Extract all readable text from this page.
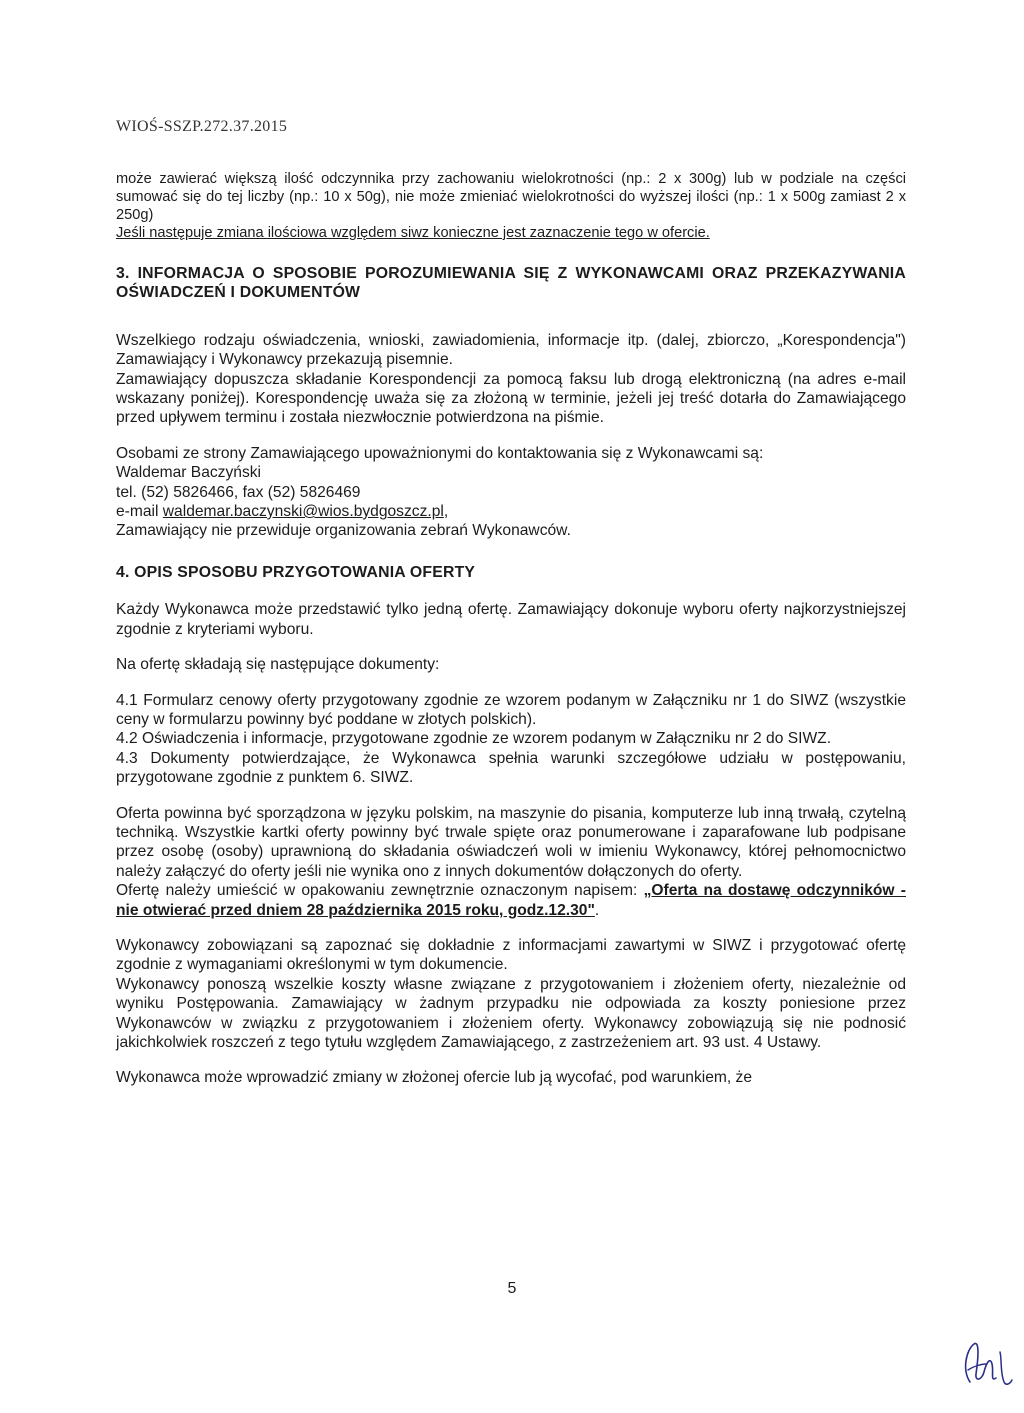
WIOŚ-SSZP.272.37.2015

może zawierać większą ilość odczynnika przy zachowaniu wielokrotności (np.: 2 x 300g) lub w podziale na części sumować się do tej liczby (np.: 10 x 50g), nie może zmieniać wielokrotności do wyższej ilości (np.: 1 x 500g zamiast 2 x 250g)

Jeśli następuje zmiana ilościowa względem siwz konieczne jest zaznaczenie tego w ofercie.

3. INFORMACJA O SPOSOBIE POROZUMIEWANIA SIĘ Z WYKONAWCAMI ORAZ PRZEKAZYWANIA OŚWIADCZEŃ I DOKUMENTÓW

Wszelkiego rodzaju oświadczenia, wnioski, zawiadomienia, informacje itp. (dalej, zbiorczo, „Korespondencja") Zamawiający i Wykonawcy przekazują pisemnie.

Zamawiający dopuszcza składanie Korespondencji za pomocą faksu lub drogą elektroniczną (na adres e-mail wskazany poniżej). Korespondencję uważa się za złożoną w terminie, jeżeli jej treść dotarła do Zamawiającego przed upływem terminu i została niezwłocznie potwierdzona na piśmie.

Osobami ze strony Zamawiającego upoważnionymi do kontaktowania się z Wykonawcami są:

Waldemar Baczyński

tel. (52) 5826466, fax (52) 5826469

e-mail waldemar.baczynski@wios.bydgoszcz.pl,

Zamawiający nie przewiduje organizowania zebrań Wykonawców.

4. OPIS SPOSOBU PRZYGOTOWANIA OFERTY

Każdy Wykonawca może przedstawić tylko jedną ofertę. Zamawiający dokonuje wyboru oferty najkorzystniejszej zgodnie z kryteriami wyboru.

Na ofertę składają się następujące dokumenty:

4.1 Formularz cenowy oferty przygotowany zgodnie ze wzorem podanym w Załączniku nr 1 do SIWZ (wszystkie ceny w formularzu powinny być poddane w złotych polskich).

4.2 Oświadczenia i informacje, przygotowane zgodnie ze wzorem podanym w Załączniku nr 2 do SIWZ.

4.3 Dokumenty potwierdzające, że Wykonawca spełnia warunki szczegółowe udziału w postępowaniu, przygotowane zgodnie z punktem 6. SIWZ.

Oferta powinna być sporządzona w języku polskim, na maszynie do pisania, komputerze lub inną trwałą, czytelną techniką. Wszystkie kartki oferty powinny być trwale spięte oraz ponumerowane i zaparafowane lub podpisane przez osobę (osoby) uprawnioną do składania oświadczeń woli w imieniu Wykonawcy, której pełnomocnictwo należy załączyć do oferty jeśli nie wynika ono z innych dokumentów dołączonych do oferty.

Ofertę należy umieścić w opakowaniu zewnętrznie oznaczonym napisem: „Oferta na dostawę odczynników - nie otwierać przed dniem 28 października 2015 roku, godz.12.30".

Wykonawcy zobowiązani są zapoznać się dokładnie z informacjami zawartymi w SIWZ i przygotować ofertę zgodnie z wymaganiami określonymi w tym dokumencie.

Wykonawcy ponoszą wszelkie koszty własne związane z przygotowaniem i złożeniem oferty, niezależnie od wyniku Postępowania. Zamawiający w żadnym przypadku nie odpowiada za koszty poniesione przez Wykonawców w związku z przygotowaniem i złożeniem oferty. Wykonawcy zobowiązują się nie podnosić jakichkolwiek roszczeń z tego tytułu względem Zamawiającego, z zastrzeżeniem art. 93 ust. 4 Ustawy.

Wykonawca może wprowadzić zmiany w złożonej ofercie lub ją wycofać, pod warunkiem, że

5
